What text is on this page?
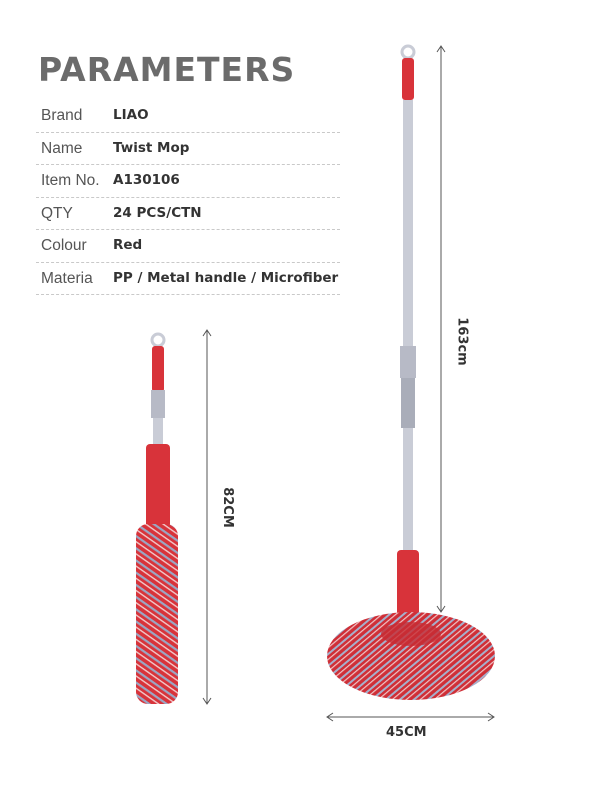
PARAMETERS
Brand LIAO
Name Twist Mop
Item No. A130106
QTY	24 PCS/CTN
Colour Red
Materia PP / Metal handle / Microfiber
82CM
163cm
45CM
